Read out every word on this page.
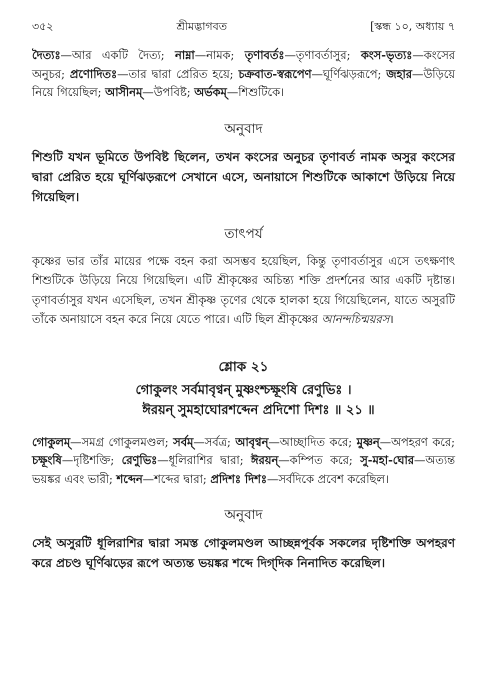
৩৫২	শ্রীমদ্ভাগবত	[স্কন্ধ ১০, অধ্যায় ৭

দৈত্যঃ—আর একটি দৈত্য; নাম্না—নামক; তৃণাবর্তঃ—তৃণাবর্তাসুর; কংস-ভৃত্যঃ—কংসের অনুচর; প্রণোদিতঃ—তার দ্বারা প্রেরিত হয়ে; চক্রবাত-স্বরূপেণ—ঘূর্ণিঝড়রূপে; জহার—উড়িয়ে নিয়ে গিয়েছিল; আসীনম্—উপবিষ্ট; অর্ভকম্—শিশুটিকে।

অনুবাদ

শিশুটি যখন ভূমিতে উপবিষ্ট ছিলেন, তখন কংসের অনুচর তৃণাবর্ত নামক অসুর কংসের দ্বারা প্রেরিত হয়ে ঘূর্ণিঝড়রূপে সেখানে এসে, অনায়াসে শিশুটিকে আকাশে উড়িয়ে নিয়ে গিয়েছিল।

তাৎপর্য

কৃষ্ণের ভার তাঁর মায়ের পক্ষে বহন করা অসম্ভব হয়েছিল, কিন্তু তৃণাবর্তাসুর এসে তৎক্ষণাৎ শিশুটিকে উড়িয়ে নিয়ে গিয়েছিল। এটি শ্রীকৃষ্ণের অচিন্ত্য শক্তি প্রদর্শনের আর একটি দৃষ্টান্ত। তৃণাবর্তাসুর যখন এসেছিল, তখন শ্রীকৃষ্ণ তৃণের থেকে হালকা হয়ে গিয়েছিলেন, যাতে অসুরটি তাঁকে অনায়াসে বহন করে নিয়ে যেতে পারে। এটি ছিল শ্রীকৃষ্ণের আনন্দচিন্ময়রস।

শ্লোক ২১
গোকুলং সর্বমাবৃণ্বন্ মুষ্ণংশ্চক্ষূংষি রেণুভিঃ ।
ঈরয়ন্ সুমহাঘোরশব্দেন প্রদিশো দিশঃ ॥ ২১ ॥

গোকুলম্—সমগ্র গোকুলমণ্ডল; সর্বম্—সর্বত্র; আবৃণ্বন্—আচ্ছাদিত করে; মুষ্ণন্—অপহরণ করে; চক্ষূংষি—দৃষ্টিশক্তি; রেণুভিঃ—ধূলিরাশির দ্বারা; ঈরয়ন্—কম্পিত করে; সু-মহা-ঘোর—অত্যন্ত ভয়ঙ্কর এবং ভারী; শব্দেন—শব্দের দ্বারা; প্রদিশঃ দিশঃ—সর্বদিকে প্রবেশ করেছিল।

অনুবাদ

সেই অসুরটি ধূলিরাশির দ্বারা সমস্ত গোকুলমণ্ডল আচ্ছন্নপূর্বক সকলের দৃষ্টিশক্তি অপহরণ করে প্রচণ্ড ঘূর্ণিঝড়ের রূপে অত্যন্ত ভয়ঙ্কর শব্দে দিগ্‌দিক নিনাদিত করেছিল।
